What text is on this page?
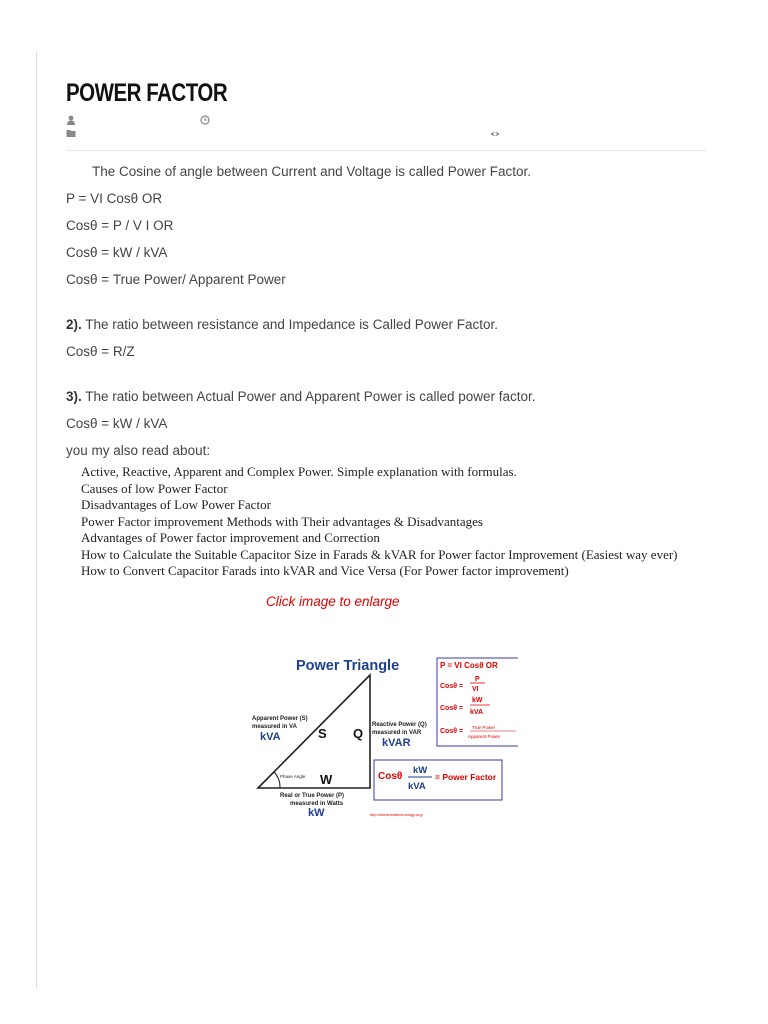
POWER FACTOR

The Cosine of angle between Current and Voltage is called Power Factor.

P = VI Cosθ OR

Cosθ = P / V I OR

Cosθ = kW / kVA

Cosθ = True Power/ Apparent Power

2). The ratio between resistance and Impedance is Called Power Factor.

Cosθ = R/Z

3). The ratio between Actual Power and Apparent Power is called power factor.

Cosθ = kW / kVA

you my also read about:

Active, Reactive, Apparent and Complex Power. Simple explanation with formulas.
Causes of low Power Factor
Disadvantages of Low Power Factor
Power Factor improvement Methods with Their advantages & Disadvantages
Advantages of Power factor improvement and Correction
How to Calculate the Suitable Capacitor Size in Farads & kVAR for Power factor Improvement (Easiest way ever)
How to Convert Capacitor Farads into kVAR and Vice Versa (For Power factor improvement)

Click image to enlarge

Power Triangle
Apparent Power (S)
measured in VA
kVA	S Q
Reactive Power (Q)
measured in VAR
kVAR
Phase Angle W
Real or True Power (P)
measured in Watts
kW
P = VI Cosθ OR
Cosθ =
P
VI
Cosθ =
kW
kVA
Cosθ =
True Power
Apparent Power
Cosθ
kW
kVA
= Power Factor
http://electricaltechnology.org/
